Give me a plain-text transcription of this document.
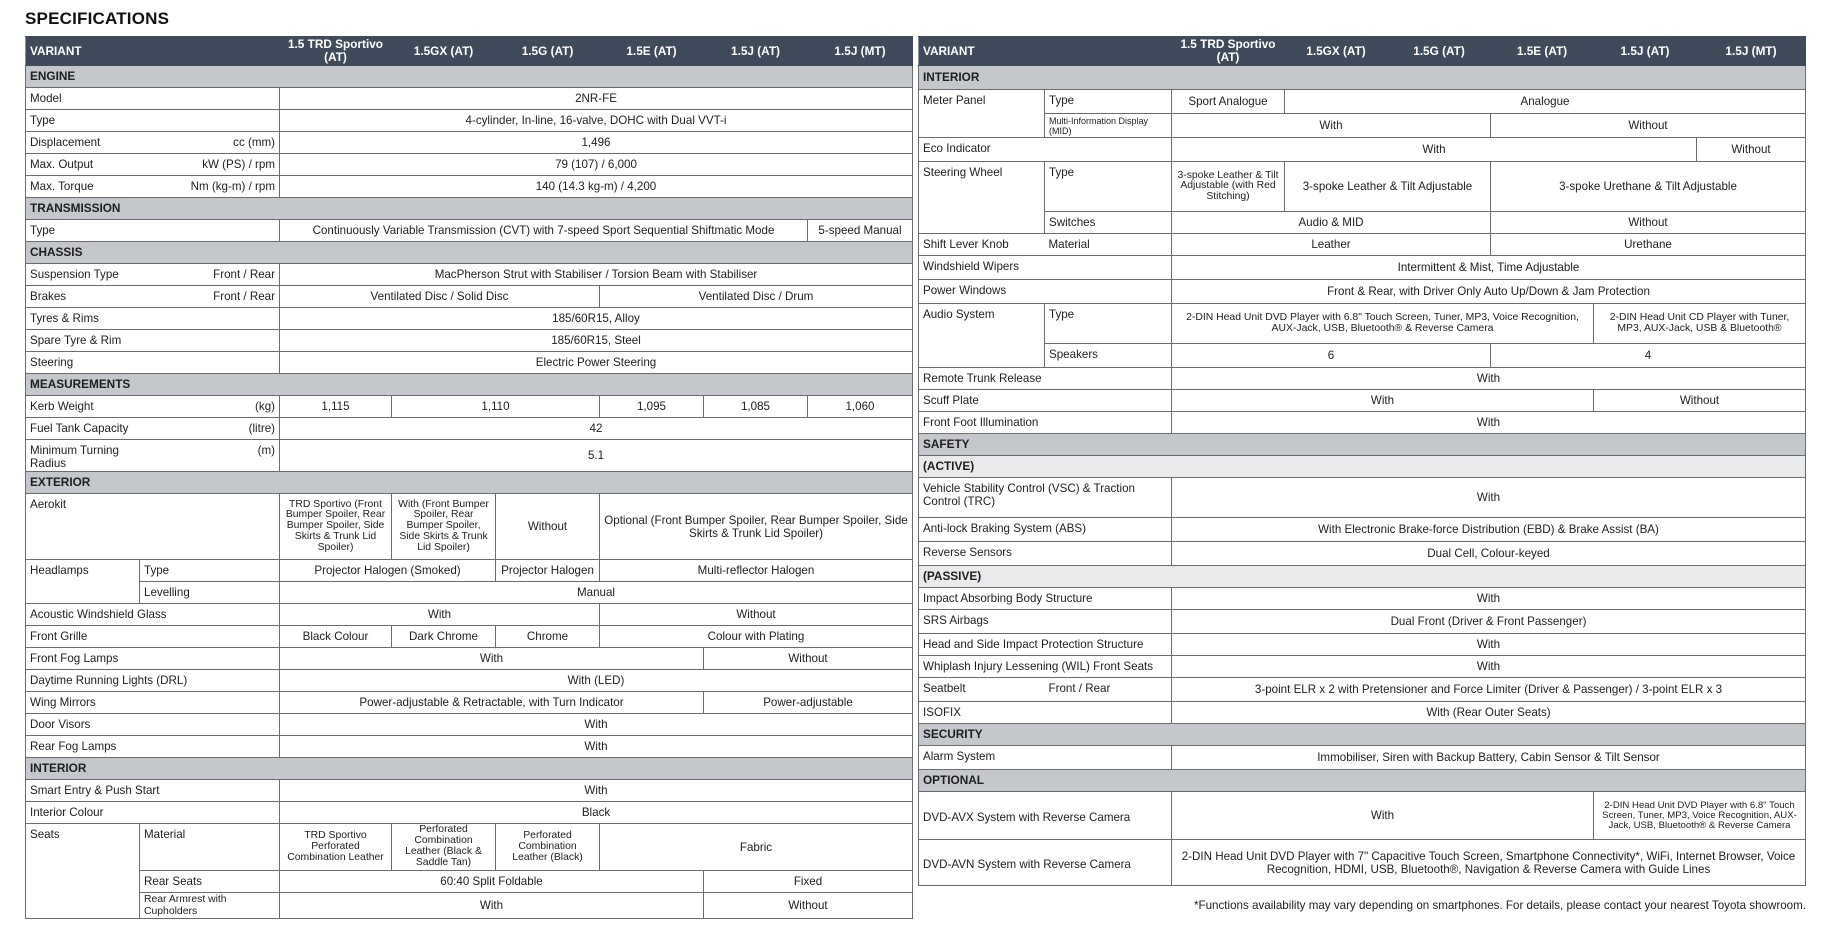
SPECIFICATIONS
VARIANT		1.5 TRD Sportivo (AT)	1.5GX (AT)	1.5G (AT)	1.5E (AT)	1.5J (AT)	1.5J (MT)
ENGINE							
Model		2NR-FE					
Type		4-cylinder, In-line, 16-valve, DOHC with Dual VVT-i					
Displacement	cc (mm)	1,496					
Max. Output	kW (PS) / rpm	79 (107) / 6,000					
Max. Torque	Nm (kg-m) / rpm	140 (14.3 kg-m) / 4,200					
TRANSMISSION							
Type		Continuously Variable Transmission (CVT) with 7-speed Sport Sequential Shiftmatic Mode					5-speed Manual
CHASSIS							
Suspension Type	Front / Rear	MacPherson Strut with Stabiliser / Torsion Beam with Stabiliser					
Brakes	Front / Rear	Ventilated Disc / Solid Disc			Ventilated Disc / Drum		
Tyres & Rims		185/60R15, Alloy					
Spare Tyre & Rim		185/60R15, Steel					
Steering		Electric Power Steering					
MEASUREMENTS							
Kerb Weight	(kg)	1,115	1,110		1,095	1,085	1,060
Fuel Tank Capacity	(litre)	42					
Minimum Turning Radius	(m)	5.1					
EXTERIOR							
Aerokit		TRD Sportivo (Front Bumper Spoiler, Rear Bumper Spoiler, Side Skirts & Trunk Lid Spoiler)	With (Front Bumper Spoiler, Rear Bumper Spoiler, Side Skirts & Trunk Lid Spoiler)	Without	Optional (Front Bumper Spoiler, Rear Bumper Spoiler, Side Skirts & Trunk Lid Spoiler)		
Headlamps	Type	Projector Halogen (Smoked)		Projector Halogen	Multi-reflector Halogen		
	Levelling	Manual					
Acoustic Windshield Glass		With			Without		
Front Grille		Black Colour	Dark Chrome	Chrome	Colour with Plating		
Front Fog Lamps		With				Without	
Daytime Running Lights (DRL)		With (LED)					
Wing Mirrors		Power-adjustable & Retractable, with Turn Indicator				Power-adjustable	
Door Visors		With					
Rear Fog Lamps		With					
INTERIOR							
Smart Entry & Push Start		With					
Interior Colour		Black					
Seats	Material	TRD Sportivo Perforated Combination Leather	Perforated Combination Leather (Black & Saddle Tan)	Perforated Combination Leather (Black)	Fabric		
	Rear Seats	60:40 Split Foldable				Fixed	
	Rear Armrest with Cupholders	With				Without	
VARIANT		1.5 TRD Sportivo (AT)	1.5GX (AT)	1.5G (AT)	1.5E (AT)	1.5J (AT)	1.5J (MT)
INTERIOR							
Meter Panel	Type	Sport Analogue	Analogue				
	Multi-Information Display (MID)	With			Without		
Eco Indicator		With					Without
Steering Wheel	Type	3-spoke Leather & Tilt Adjustable (with Red Stitching)	3-spoke Leather & Tilt Adjustable		3-spoke Urethane & Tilt Adjustable		
	Switches	Audio & MID			Without		
Shift Lever Knob	Material	Leather			Urethane		
Windshield Wipers		Intermittent & Mist, Time Adjustable					
Power Windows		Front & Rear, with Driver Only Auto Up/Down & Jam Protection					
Audio System	Type	2-DIN Head Unit DVD Player with 6.8" Touch Screen, Tuner, MP3, Voice Recognition, AUX-Jack, USB, Bluetooth® & Reverse Camera				2-DIN Head Unit CD Player with Tuner, MP3, AUX-Jack, USB & Bluetooth®	
	Speakers	6			4		
Remote Trunk Release		With					
Scuff Plate		With				Without	
Front Foot Illumination		With					
SAFETY							
(ACTIVE)							
Vehicle Stability Control (VSC) & Traction Control (TRC)		With					
Anti-lock Braking System (ABS)		With Electronic Brake-force Distribution (EBD) & Brake Assist (BA)					
Reverse Sensors		Dual Cell, Colour-keyed					
(PASSIVE)							
Impact Absorbing Body Structure		With					
SRS Airbags		Dual Front (Driver & Front Passenger)					
Head and Side Impact Protection Structure		With					
Whiplash Injury Lessening (WIL) Front Seats		With					
Seatbelt	Front / Rear	3-point ELR x 2 with Pretensioner and Force Limiter (Driver & Passenger) / 3-point ELR x 3					
ISOFIX		With (Rear Outer Seats)					
SECURITY							
Alarm System		Immobiliser, Siren with Backup Battery, Cabin Sensor & Tilt Sensor					
OPTIONAL							
DVD-AVX System with Reverse Camera		With				2-DIN Head Unit DVD Player with 6.8" Touch Screen, Tuner, MP3, Voice Recognition, AUX-Jack, USB, Bluetooth® & Reverse Camera	
DVD-AVN System with Reverse Camera		2-DIN Head Unit DVD Player with 7" Capacitive Touch Screen, Smartphone Connectivity*, WiFi, Internet Browser, Voice Recognition, HDMI, USB, Bluetooth®, Navigation & Reverse Camera with Guide Lines					
*Functions availability may vary depending on smartphones. For details, please contact your nearest Toyota showroom.
